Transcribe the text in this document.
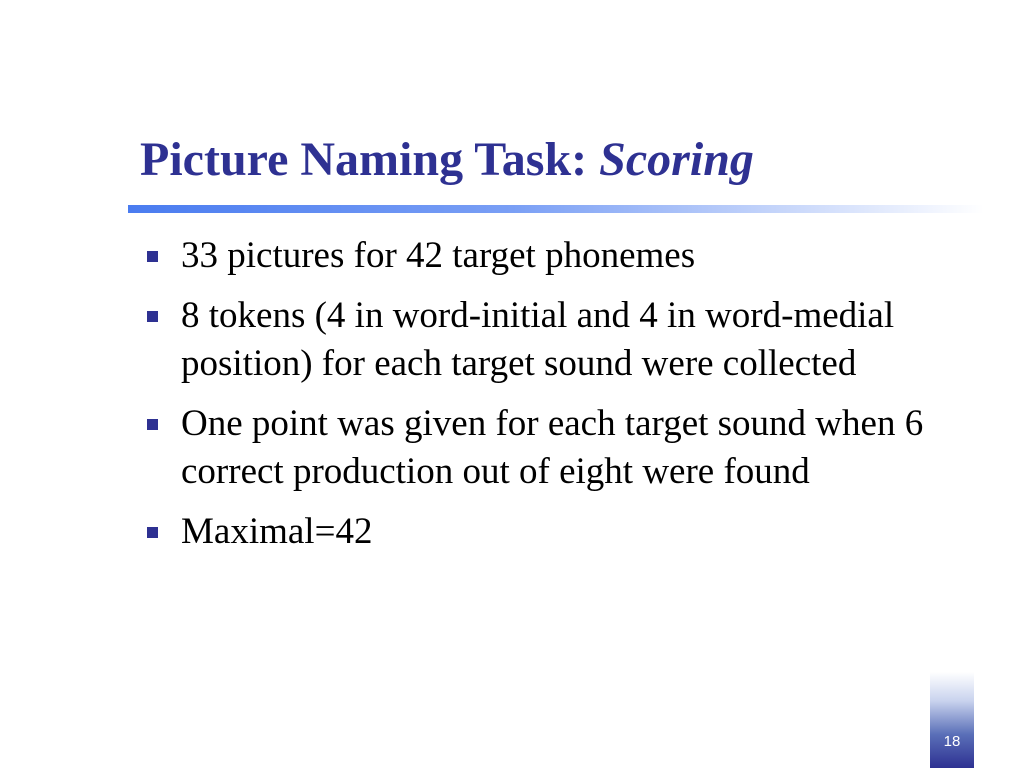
Picture Naming Task: Scoring
33 pictures for 42 target phonemes
8 tokens (4 in word-initial and 4 in word-medial position) for each target sound were collected
One point was given for each target sound when 6 correct production out of eight were found
Maximal=42
18
